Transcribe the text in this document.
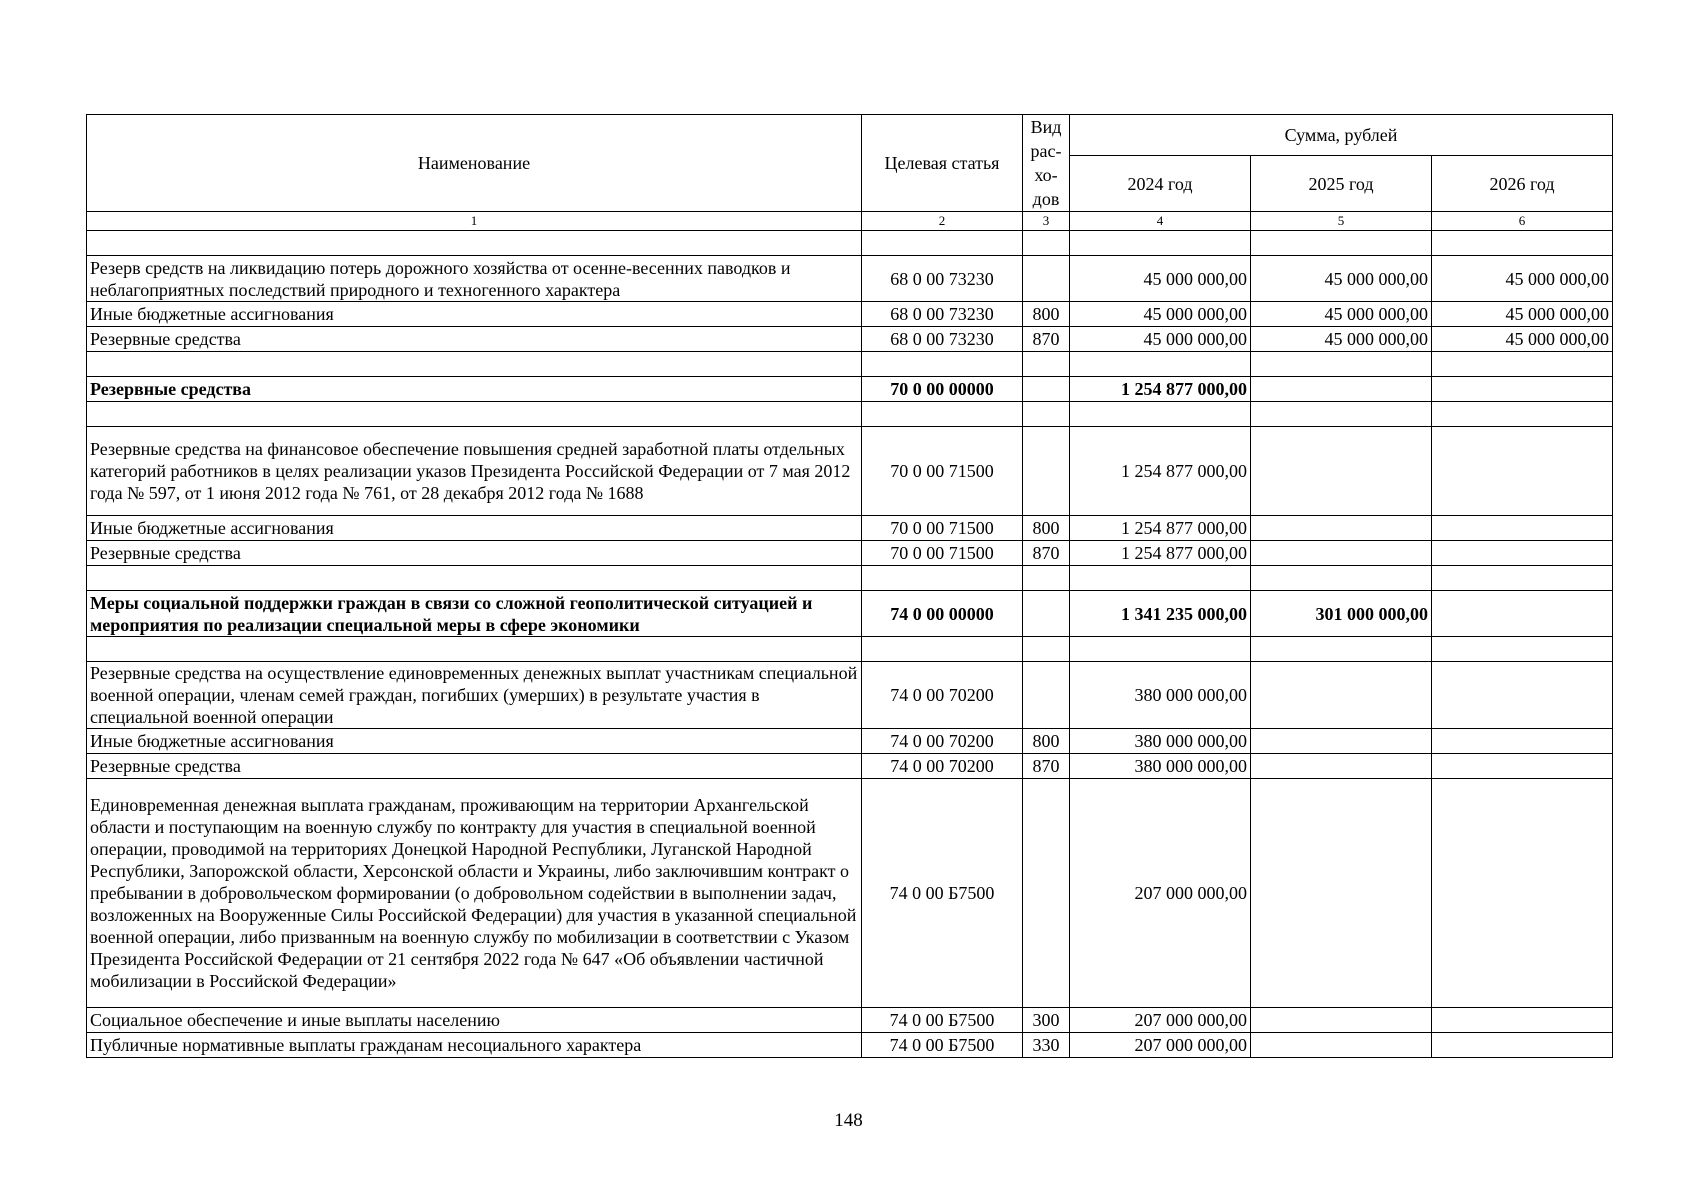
Наименование	Целевая статья	Вид
рас-
хо-
дов	Сумма, рублей		
			2024 год	2025 год	2026 год
1	2	3	4	5	6

Резерв средств на ликвидацию потерь дорожного хозяйства от осенне-весенних паводков и неблагоприятных последствий природного и техногенного характера	68 0 00 73230		45 000 000,00	45 000 000,00	45 000 000,00
Иные бюджетные ассигнования	68 0 00 73230	800	45 000 000,00	45 000 000,00	45 000 000,00
Резервные средства	68 0 00 73230	870	45 000 000,00	45 000 000,00	45 000 000,00

Резервные средства	70 0 00 00000		1 254 877 000,00		

Резервные средства на финансовое обеспечение повышения средней заработной платы отдельных категорий работников в целях реализации указов Президента Российской Федерации от 7 мая 2012 года № 597, от 1 июня 2012 года № 761, от 28 декабря 2012 года № 1688	70 0 00 71500		1 254 877 000,00		
Иные бюджетные ассигнования	70 0 00 71500	800	1 254 877 000,00		
Резервные средства	70 0 00 71500	870	1 254 877 000,00		

Меры социальной поддержки граждан в связи со сложной геополитической ситуацией и мероприятия по реализации специальной меры в сфере экономики	74 0 00 00000		1 341 235 000,00	301 000 000,00	

Резервные средства на осуществление единовременных денежных выплат участникам специальной военной операции, членам семей граждан, погибших (умерших) в результате участия в специальной военной операции	74 0 00 70200		380 000 000,00		
Иные бюджетные ассигнования	74 0 00 70200	800	380 000 000,00		
Резервные средства	74 0 00 70200	870	380 000 000,00		
Единовременная денежная выплата гражданам, проживающим на территории Архангельской области и поступающим на военную службу по контракту для участия в специальной военной операции, проводимой на территориях Донецкой Народной Республики, Луганской Народной Республики, Запорожской области, Херсонской области и Украины, либо заключившим контракт о пребывании в добровольческом формировании (о добровольном содействии в выполнении задач, возложенных на Вооруженные Силы Российской Федерации) для участия в указанной специальной военной операции, либо призванным на военную службу по мобилизации в соответствии с Указом Президента Российской Федерации от 21 сентября 2022 года № 647 «Об объявлении частичной мобилизации в Российской Федерации»	74 0 00 Б7500		207 000 000,00		
Социальное обеспечение и иные выплаты населению	74 0 00 Б7500	300	207 000 000,00		
Публичные нормативные выплаты гражданам несоциального характера	74 0 00 Б7500	330	207 000 000,00		
148
